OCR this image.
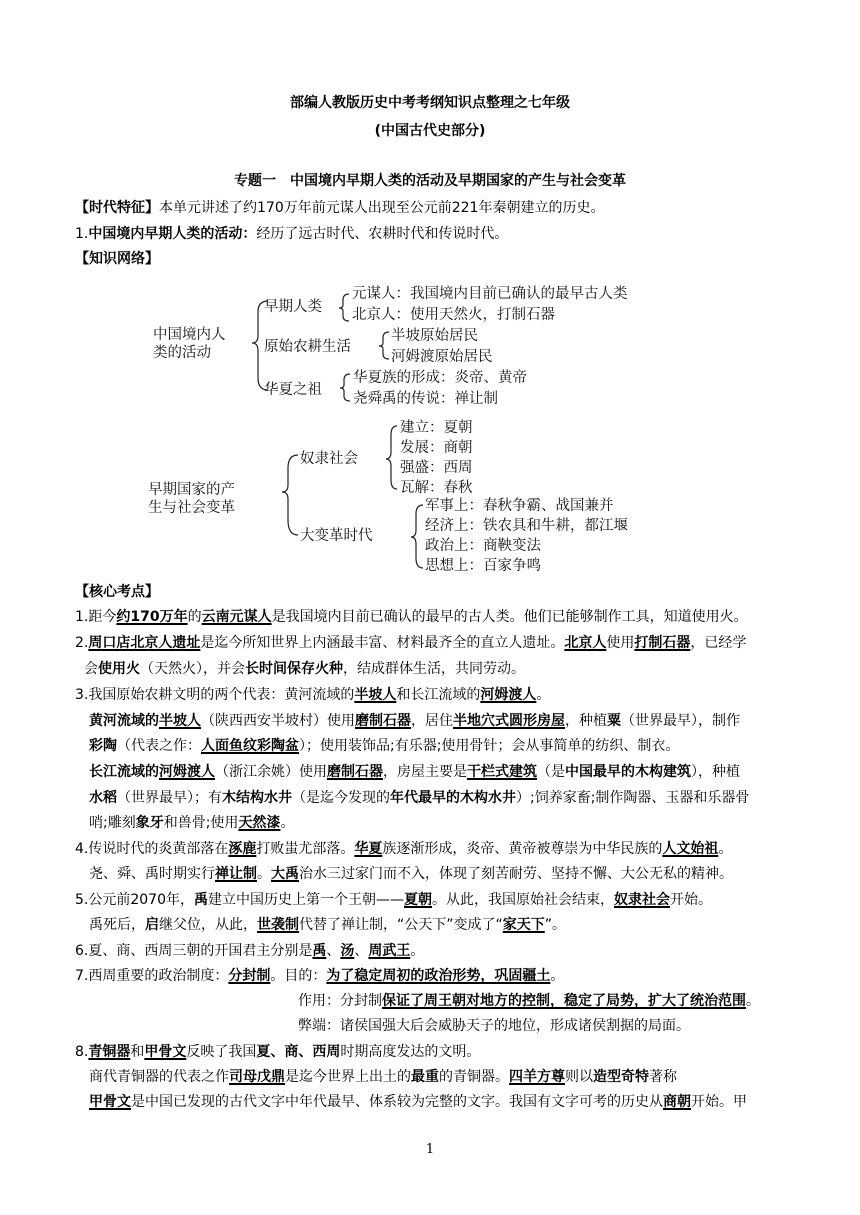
部编人教版历史中考考纲知识点整理之七年级
(中国古代史部分)
专题一　中国境内早期人类的活动及早期国家的产生与社会变革
【时代特征】本单元讲述了约170万年前元谋人出现至公元前221年秦朝建立的历史。
1.中国境内早期人类的活动：经历了远古时代、农耕时代和传说时代。
【知识网络】
中国境内人
类的活动
早期人类
元谋人：我国境内目前已确认的最早古人类
北京人：使用天然火，打制石器
原始农耕生活
半坡原始居民
河姆渡原始居民
华夏之祖
华夏族的形成：炎帝、黄帝
尧舜禹的传说：禅让制
早期国家的产
生与社会变革
奴隶社会
建立：夏朝
发展：商朝
强盛：西周
瓦解：春秋
大变革时代
军事上：春秋争霸、战国兼并
经济上：铁农具和牛耕，都江堰
政治上：商鞅变法
思想上：百家争鸣
【核心考点】
1.距今约170万年的云南元谋人是我国境内目前已确认的最早的古人类。他们已能够制作工具，知道使用火。
2.周口店北京人遗址是迄今所知世界上内涵最丰富、材料最齐全的直立人遗址。北京人使用打制石器，已经学
会使用火（天然火），并会长时间保存火种，结成群体生活，共同劳动。
3.我国原始农耕文明的两个代表：黄河流域的半坡人和长江流域的河姆渡人。
黄河流域的半坡人（陕西西安半坡村）使用磨制石器，居住半地穴式圆形房屋，种植粟（世界最早），制作
彩陶（代表之作：人面鱼纹彩陶盆）；使用装饰品;有乐器;使用骨针；会从事简单的纺织、制衣。
长江流域的河姆渡人（浙江余姚）使用磨制石器，房屋主要是干栏式建筑（是中国最早的木构建筑），种植
水稻（世界最早）；有木结构水井（是迄今发现的年代最早的木构水井）;饲养家畜;制作陶器、玉器和乐器骨
哨;雕刻象牙和兽骨;使用天然漆。
4.传说时代的炎黄部落在涿鹿打败蚩尤部落。华夏族逐渐形成，炎帝、黄帝被尊崇为中华民族的人文始祖。
尧、舜、禹时期实行禅让制。大禹治水三过家门而不入，体现了刻苦耐劳、坚持不懈、大公无私的精神。
5.公元前2070年，禹建立中国历史上第一个王朝——夏朝。从此，我国原始社会结束，奴隶社会开始。
禹死后，启继父位，从此，世袭制代替了禅让制，“公天下”变成了“家天下”。
6.夏、商、西周三朝的开国君主分别是禹、汤、周武王。
7.西周重要的政治制度：分封制。目的：为了稳定周初的政治形势，巩固疆土。
作用：分封制保证了周王朝对地方的控制，稳定了局势，扩大了统治范围。
弊端：诸侯国强大后会威胁天子的地位，形成诸侯割据的局面。
8.青铜器和甲骨文反映了我国夏、商、西周时期高度发达的文明。
商代青铜器的代表之作司母戊鼎是迄今世界上出土的最重的青铜器。四羊方尊则以造型奇特著称
甲骨文是中国已发现的古代文字中年代最早、体系较为完整的文字。我国有文字可考的历史从商朝开始。甲
1
